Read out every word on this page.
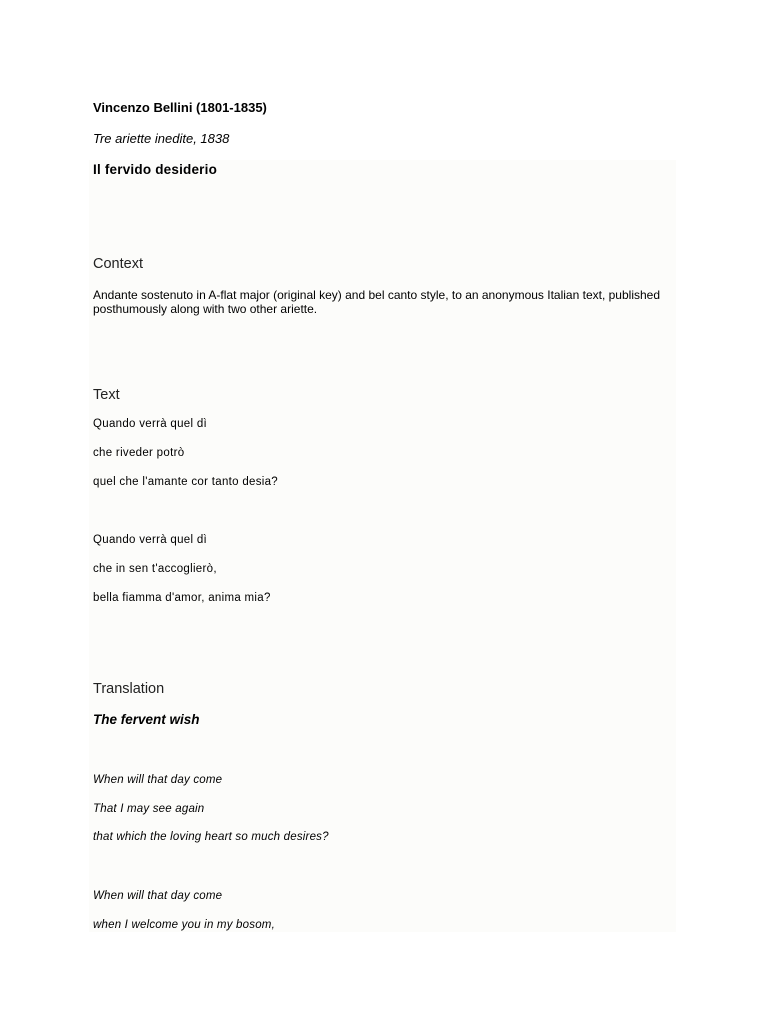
Vincenzo Bellini (1801-1835)
Tre ariette inedite, 1838
Il fervido desiderio
Context
Andante sostenuto in A-flat major (original key) and bel canto style, to an anonymous Italian text, published posthumously along with two other ariette.
Text
Quando verrà quel dì
che riveder potrò
quel che l'amante cor tanto desia?
Quando verrà quel dì
che in sen t'accoglierò,
bella fiamma d'amor, anima mia?
Translation
The fervent wish
When will that day come
That I may see again
that which the loving heart so much desires?
When will that day come
when I welcome you in my bosom,
